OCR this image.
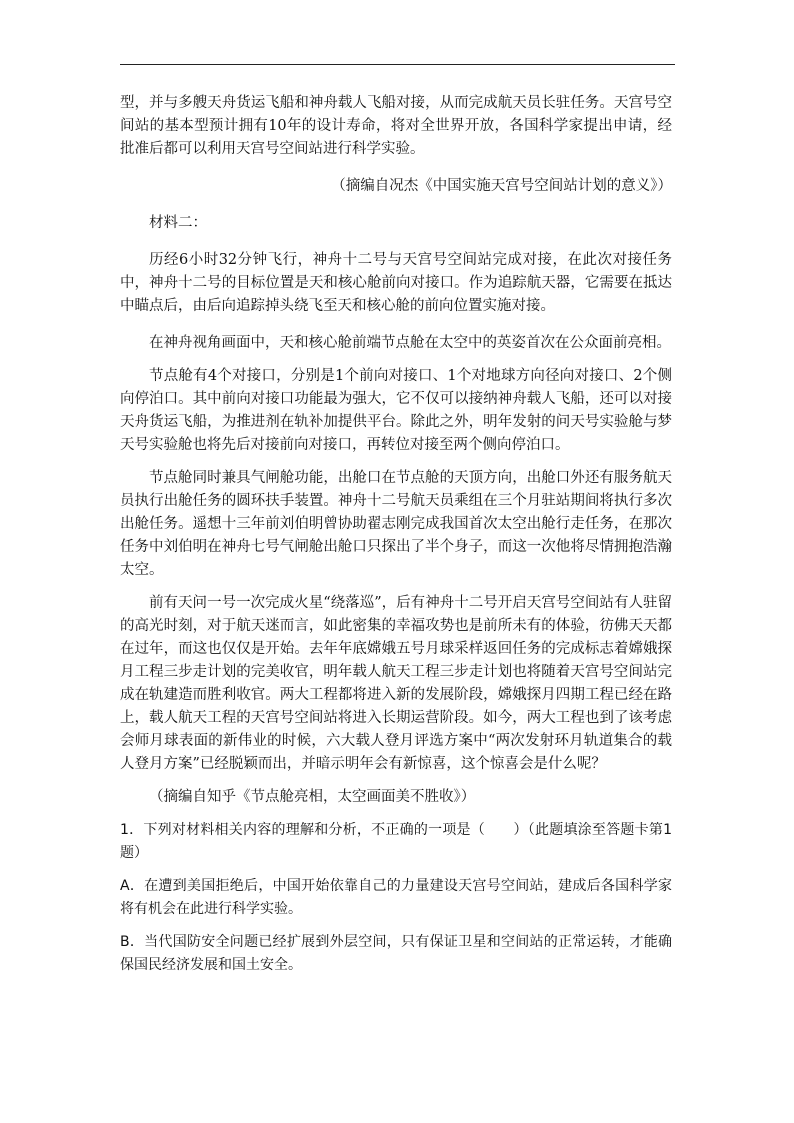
型，并与多艘天舟货运飞船和神舟载人飞船对接，从而完成航天员长驻任务。天宫号空间站的基本型预计拥有10年的设计寿命，将对全世界开放，各国科学家提出申请，经批准后都可以利用天宫号空间站进行科学实验。

（摘编自况杰《中国实施天宫号空间站计划的意义》）

材料二：

历经6小时32分钟飞行，神舟十二号与天宫号空间站完成对接，在此次对接任务中，神舟十二号的目标位置是天和核心舱前向对接口。作为追踪航天器，它需要在抵达中瞄点后，由后向追踪掉头绕飞至天和核心舱的前向位置实施对接。

在神舟视角画面中，天和核心舱前端节点舱在太空中的英姿首次在公众面前亮相。

节点舱有4个对接口，分别是1个前向对接口、1个对地球方向径向对接口、2个侧向停泊口。其中前向对接口功能最为强大，它不仅可以接纳神舟载人飞船，还可以对接天舟货运飞船，为推进剂在轨补加提供平台。除此之外，明年发射的问天号实验舱与梦天号实验舱也将先后对接前向对接口，再转位对接至两个侧向停泊口。

节点舱同时兼具气闸舱功能，出舱口在节点舱的天顶方向，出舱口外还有服务航天员执行出舱任务的圆环扶手装置。神舟十二号航天员乘组在三个月驻站期间将执行多次出舱任务。遥想十三年前刘伯明曾协助翟志刚完成我国首次太空出舱行走任务，在那次任务中刘伯明在神舟七号气闸舱出舱口只探出了半个身子，而这一次他将尽情拥抱浩瀚太空。

前有天问一号一次完成火星“绕落巡”，后有神舟十二号开启天宫号空间站有人驻留的高光时刻，对于航天迷而言，如此密集的幸福攻势也是前所未有的体验，彷佛天天都在过年，而这也仅仅是开始。去年年底嫦娥五号月球采样返回任务的完成标志着嫦娥探月工程三步走计划的完美收官，明年载人航天工程三步走计划也将随着天宫号空间站完成在轨建造而胜利收官。两大工程都将进入新的发展阶段，嫦娥探月四期工程已经在路上，载人航天工程的天宫号空间站将进入长期运营阶段。如今，两大工程也到了该考虑会师月球表面的新伟业的时候，六大载人登月评选方案中“两次发射环月轨道集合的载人登月方案”已经脱颖而出，并暗示明年会有新惊喜，这个惊喜会是什么呢？

（摘编自知乎《节点舱亮相，太空画面美不胜收》）

1．下列对材料相关内容的理解和分析，不正确的一项是（　　）（此题填涂至答题卡第1题）

A．在遭到美国拒绝后，中国开始依靠自己的力量建设天宫号空间站，建成后各国科学家将有机会在此进行科学实验。

B．当代国防安全问题已经扩展到外层空间，只有保证卫星和空间站的正常运转，才能确保国民经济发展和国土安全。
